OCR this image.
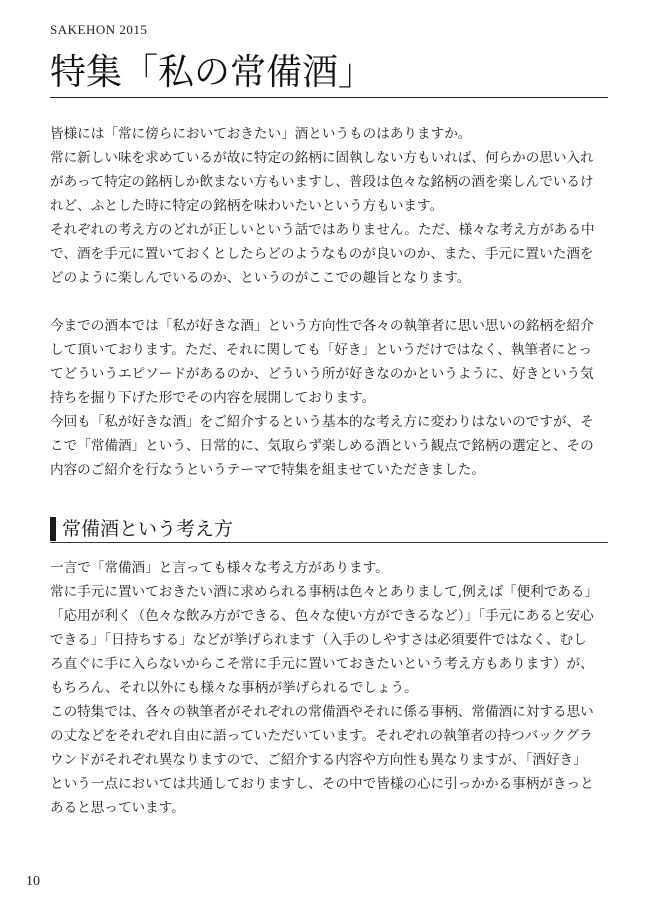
SAKEHON 2015
特集「私の常備酒」

皆様には「常に傍らにおいておきたい」酒というものはありますか。

常に新しい味を求めているが故に特定の銘柄に固執しない方もいれば、何らかの思い入れ

があって特定の銘柄しか飲まない方もいますし、普段は色々な銘柄の酒を楽しんでいるけ

れど、ふとした時に特定の銘柄を味わいたいという方もいます。

それぞれの考え方のどれが正しいという話ではありません。ただ、様々な考え方がある中

で、酒を手元に置いておくとしたらどのようなものが良いのか、また、手元に置いた酒を

どのように楽しんでいるのか、というのがここでの趣旨となります。

今までの酒本では「私が好きな酒」という方向性で各々の執筆者に思い思いの銘柄を紹介

して頂いております。ただ、それに関しても「好き」というだけではなく、執筆者にとっ

てどういうエピソードがあるのか、どういう所が好きなのかというように、好きという気

持ちを掘り下げた形でその内容を展開しております。

今回も「私が好きな酒」をご紹介するという基本的な考え方に変わりはないのですが、そ

こで「常備酒」という、日常的に、気取らず楽しめる酒という観点で銘柄の選定と、その

内容のご紹介を行なうというテーマで特集を組ませていただきました。

常備酒という考え方

一言で「常備酒」と言っても様々な考え方があります。

常に手元に置いておきたい酒に求められる事柄は色々とありまして,例えば「便利である」

「応用が利く（色々な飲み方ができる、色々な使い方ができるなど）」「手元にあると安心

できる」「日持ちする」などが挙げられます（入手のしやすさは必須要件ではなく、むし

ろ直ぐに手に入らないからこそ常に手元に置いておきたいという考え方もあります）が、

もちろん、それ以外にも様々な事柄が挙げられるでしょう。

この特集では、各々の執筆者がそれぞれの常備酒やそれに係る事柄、常備酒に対する思い

の丈などをそれぞれ自由に語っていただいています。それぞれの執筆者の持つバックグラ

ウンドがそれぞれ異なりますので、ご紹介する内容や方向性も異なりますが、「酒好き」

という一点においては共通しておりますし、その中で皆様の心に引っかかる事柄がきっと

あると思っています。

10
